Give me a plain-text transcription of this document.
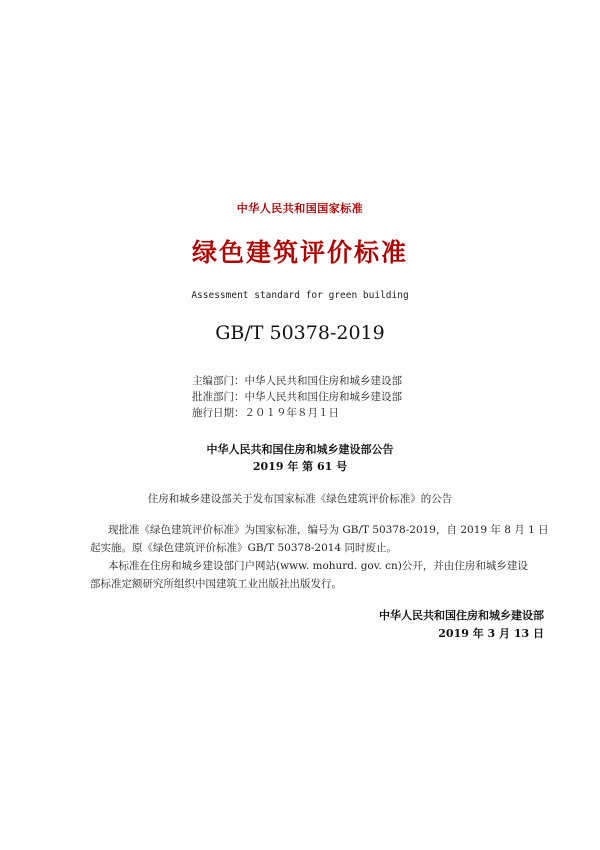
中华人民共和国国家标准
绿色建筑评价标准
Assessment standard for green building
GB/T 50378-2019
主编部门：中华人民共和国住房和城乡建设部
批准部门：中华人民共和国住房和城乡建设部
施行日期：２０１９年８月１日
中华人民共和国住房和城乡建设部公告
2019 年 第 61 号
住房和城乡建设部关于发布国家标准《绿色建筑评价标准》的公告
现批准《绿色建筑评价标准》为国家标准，编号为 GB/T 50378-2019，自 2019 年 8 月 1 日
起实施。原《绿色建筑评价标准》GB/T 50378-2014 同时废止。
本标准在住房和城乡建设部门户网站(www. mohurd. gov. cn)公开，并由住房和城乡建设
部标准定额研究所组织中国建筑工业出版社出版发行。
中华人民共和国住房和城乡建设部
2019 年 3 月 13 日
